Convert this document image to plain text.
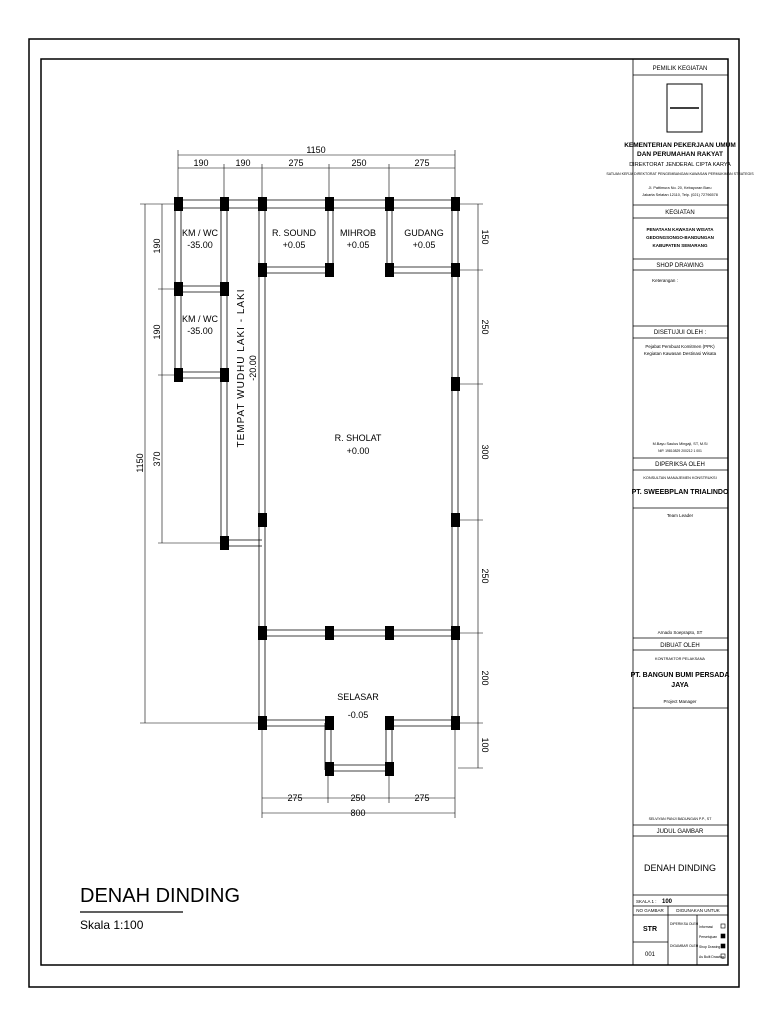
1150
190	190	275	250	275
1150
190
190
370
150
250
300
250
200
100
275	250	275
800
KM / WC
-35.00
KM / WC
-35.00
R. SOUND
+0.05
MIHROB
+0.05
GUDANG
+0.05
R. SHOLAT
+0.00
SELASAR
-0.05
TEMPAT WUDHU LAKI - LAKI -20.00
DENAH DINDING
Skala 1:100
PEMILIK KEGIATAN
KEMENTERIAN PEKERJAAN UMUM
DAN PERUMAHAN RAKYAT
DIREKTORAT JENDERAL CIPTA KARYA
SATUAN KERJA DIREKTORAT PENGEMBANGAN KAWASAN PERMUKIMAN STRATEGIS
Jl. Pattimura No. 20, Kebayoran Baru
Jakarta Selatan 12110, Telp. (021) 72796578
KEGIATAN
PENATAAN KAWASAN WISATA
GEDONGSONGO-BANDUNGAN
KABUPATEN SEMARANG
SHOP DRAWING
Keterangan :
DISETUJUI OLEH :
Pejabat Pembuat Komitmen (PPK)
Kegiatan Kawasan Destinasi Wisata
M.Bayu Saulus Mingaji, ST, M.Si
NIP. 19810829 200212 1 001
DIPERIKSA OLEH
KONSULTAN MANAJEMEN KONSTRUKSI
PT. SWEEBPLAN TRIALINDO
Team Leader
Arnado Soeprapto, ST
DIBUAT OLEH
KONTRAKTOR PELAKSANA
PT. BANGUN BUMI PERSADA
JAYA
Project Manager
SELVIYAN PANJI BADUNGAN P.P., ST
JUDUL GAMBAR
DENAH DINDING
SKALA 1 : 100
NO GAMBAR	DIGUNAKAN UNTUK
STR
001
DIPERIKSA OLEH
DIGAMBAR OLEH
Informasi
Persetujuan
Shop Drawing
As Built Drawing
